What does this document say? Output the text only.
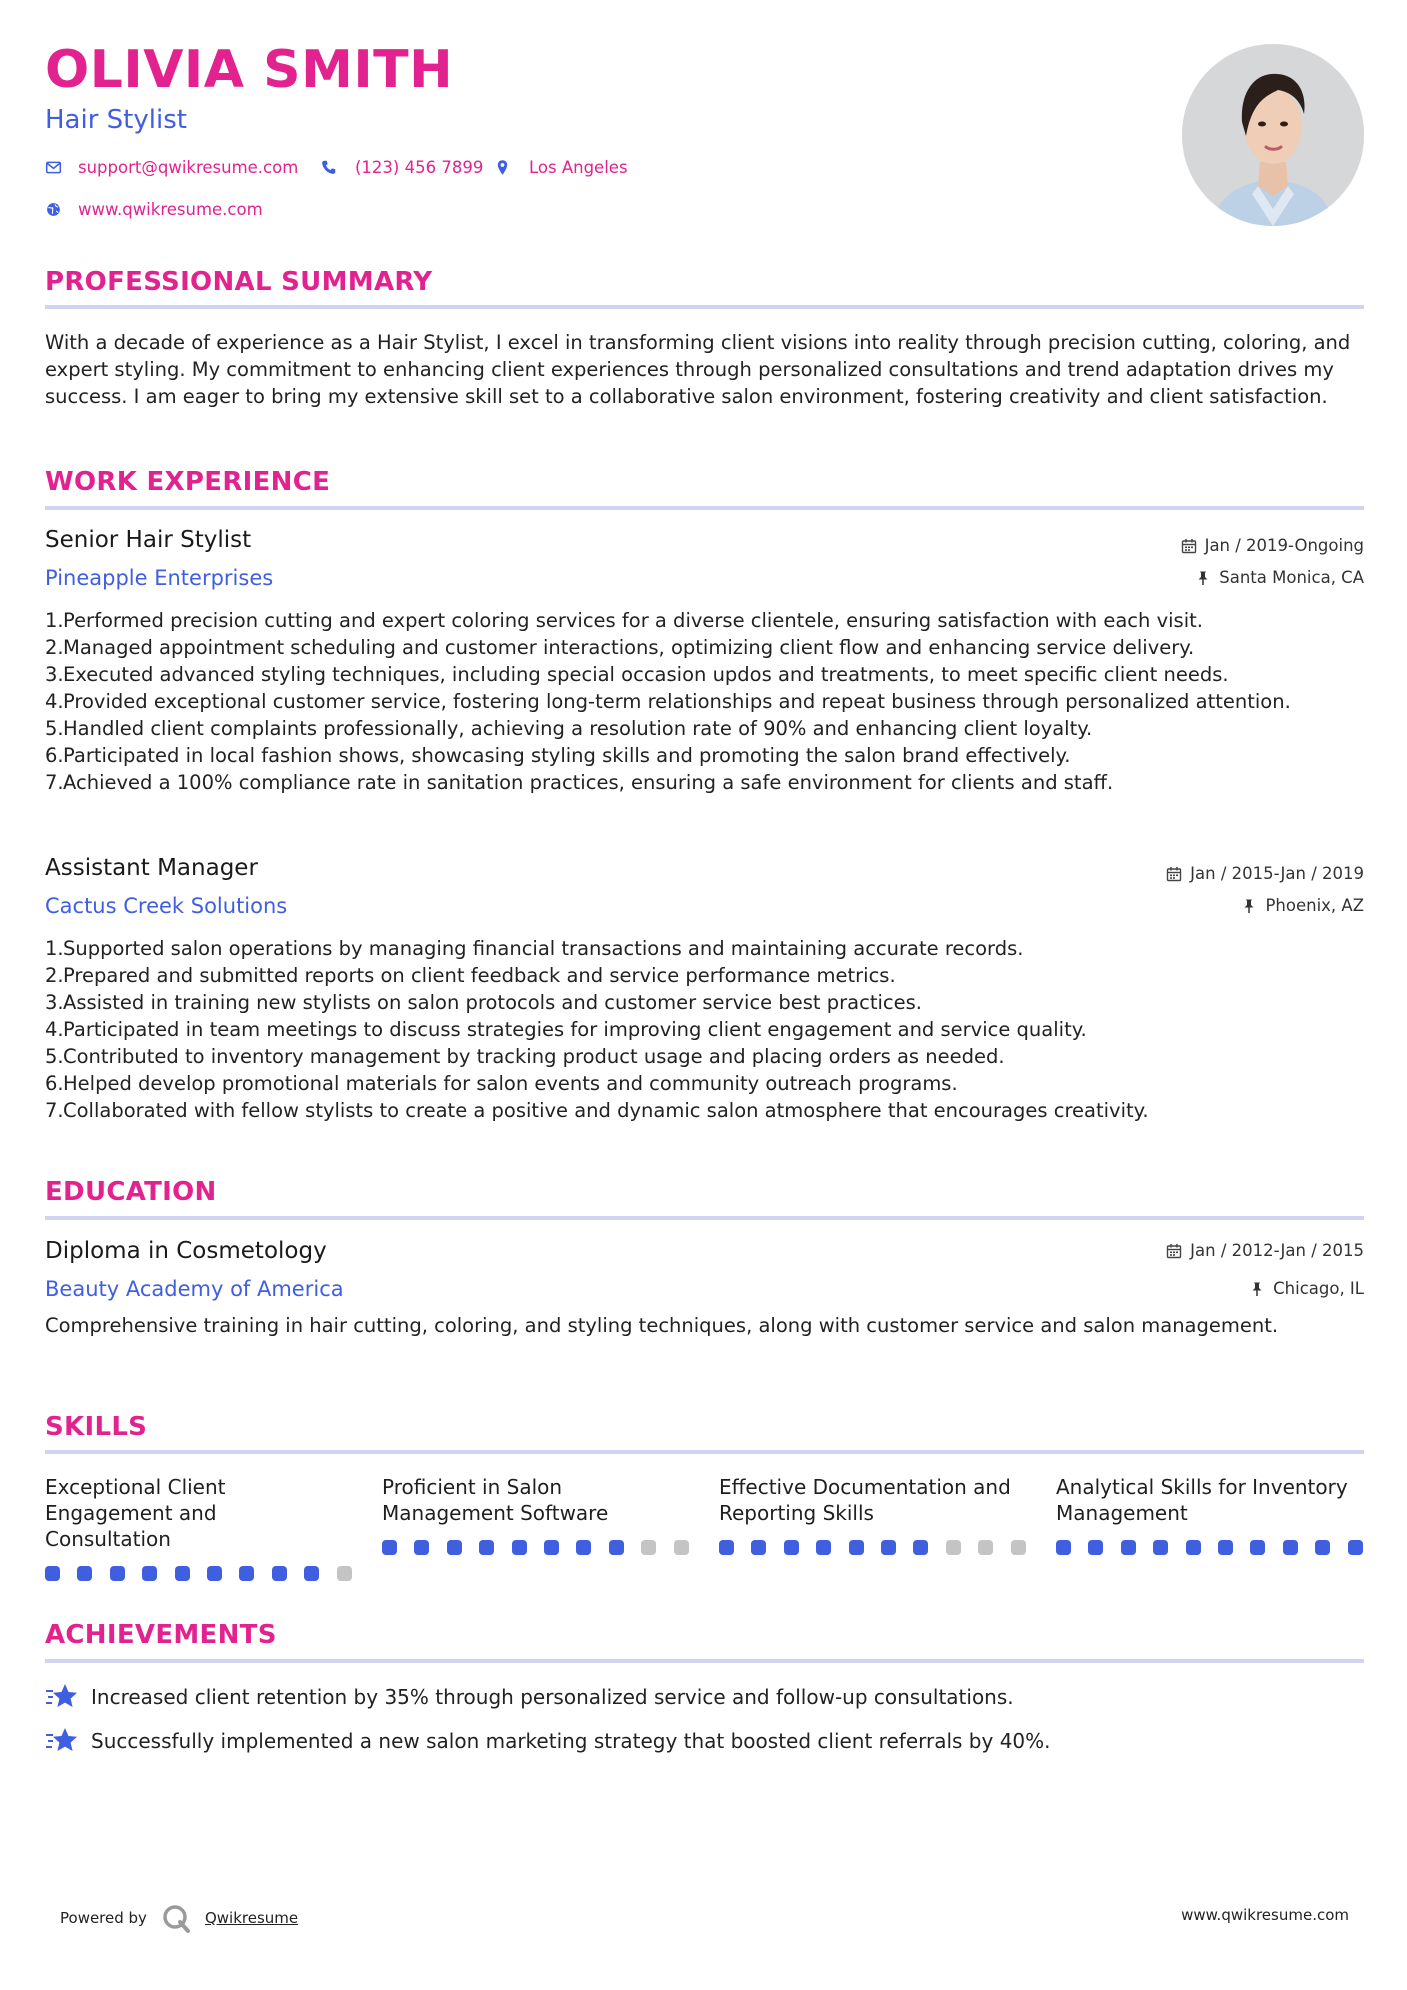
OLIVIA SMITH
Hair Stylist
support@qwikresume.com	(123) 456 7899	Los Angeles
www.qwikresume.com
PROFESSIONAL SUMMARY
With a decade of experience as a Hair Stylist, I excel in transforming client visions into reality through precision cutting, coloring, and expert styling. My commitment to enhancing client experiences through personalized consultations and trend adaptation drives my success. I am eager to bring my extensive skill set to a collaborative salon environment, fostering creativity and client satisfaction.
WORK EXPERIENCE
Senior Hair Stylist	Jan / 2019-Ongoing
Pineapple Enterprises	Santa Monica, CA
1. Performed precision cutting and expert coloring services for a diverse clientele, ensuring satisfaction with each visit.
2. Managed appointment scheduling and customer interactions, optimizing client flow and enhancing service delivery.
3. Executed advanced styling techniques, including special occasion updos and treatments, to meet specific client needs.
4. Provided exceptional customer service, fostering long-term relationships and repeat business through personalized attention.
5. Handled client complaints professionally, achieving a resolution rate of 90% and enhancing client loyalty.
6. Participated in local fashion shows, showcasing styling skills and promoting the salon brand effectively.
7. Achieved a 100% compliance rate in sanitation practices, ensuring a safe environment for clients and staff.
Assistant Manager	Jan / 2015-Jan / 2019
Cactus Creek Solutions	Phoenix, AZ
1. Supported salon operations by managing financial transactions and maintaining accurate records.
2. Prepared and submitted reports on client feedback and service performance metrics.
3. Assisted in training new stylists on salon protocols and customer service best practices.
4. Participated in team meetings to discuss strategies for improving client engagement and service quality.
5. Contributed to inventory management by tracking product usage and placing orders as needed.
6. Helped develop promotional materials for salon events and community outreach programs.
7. Collaborated with fellow stylists to create a positive and dynamic salon atmosphere that encourages creativity.
EDUCATION
Diploma in Cosmetology	Jan / 2012-Jan / 2015
Beauty Academy of America	Chicago, IL
Comprehensive training in hair cutting, coloring, and styling techniques, along with customer service and salon management.
SKILLS
Exceptional Client Engagement and Consultation
Proficient in Salon Management Software
Effective Documentation and Reporting Skills
Analytical Skills for Inventory Management
ACHIEVEMENTS
Increased client retention by 35% through personalized service and follow-up consultations.
Successfully implemented a new salon marketing strategy that boosted client referrals by 40%.
Powered by	Qwikresume	www.qwikresume.com
